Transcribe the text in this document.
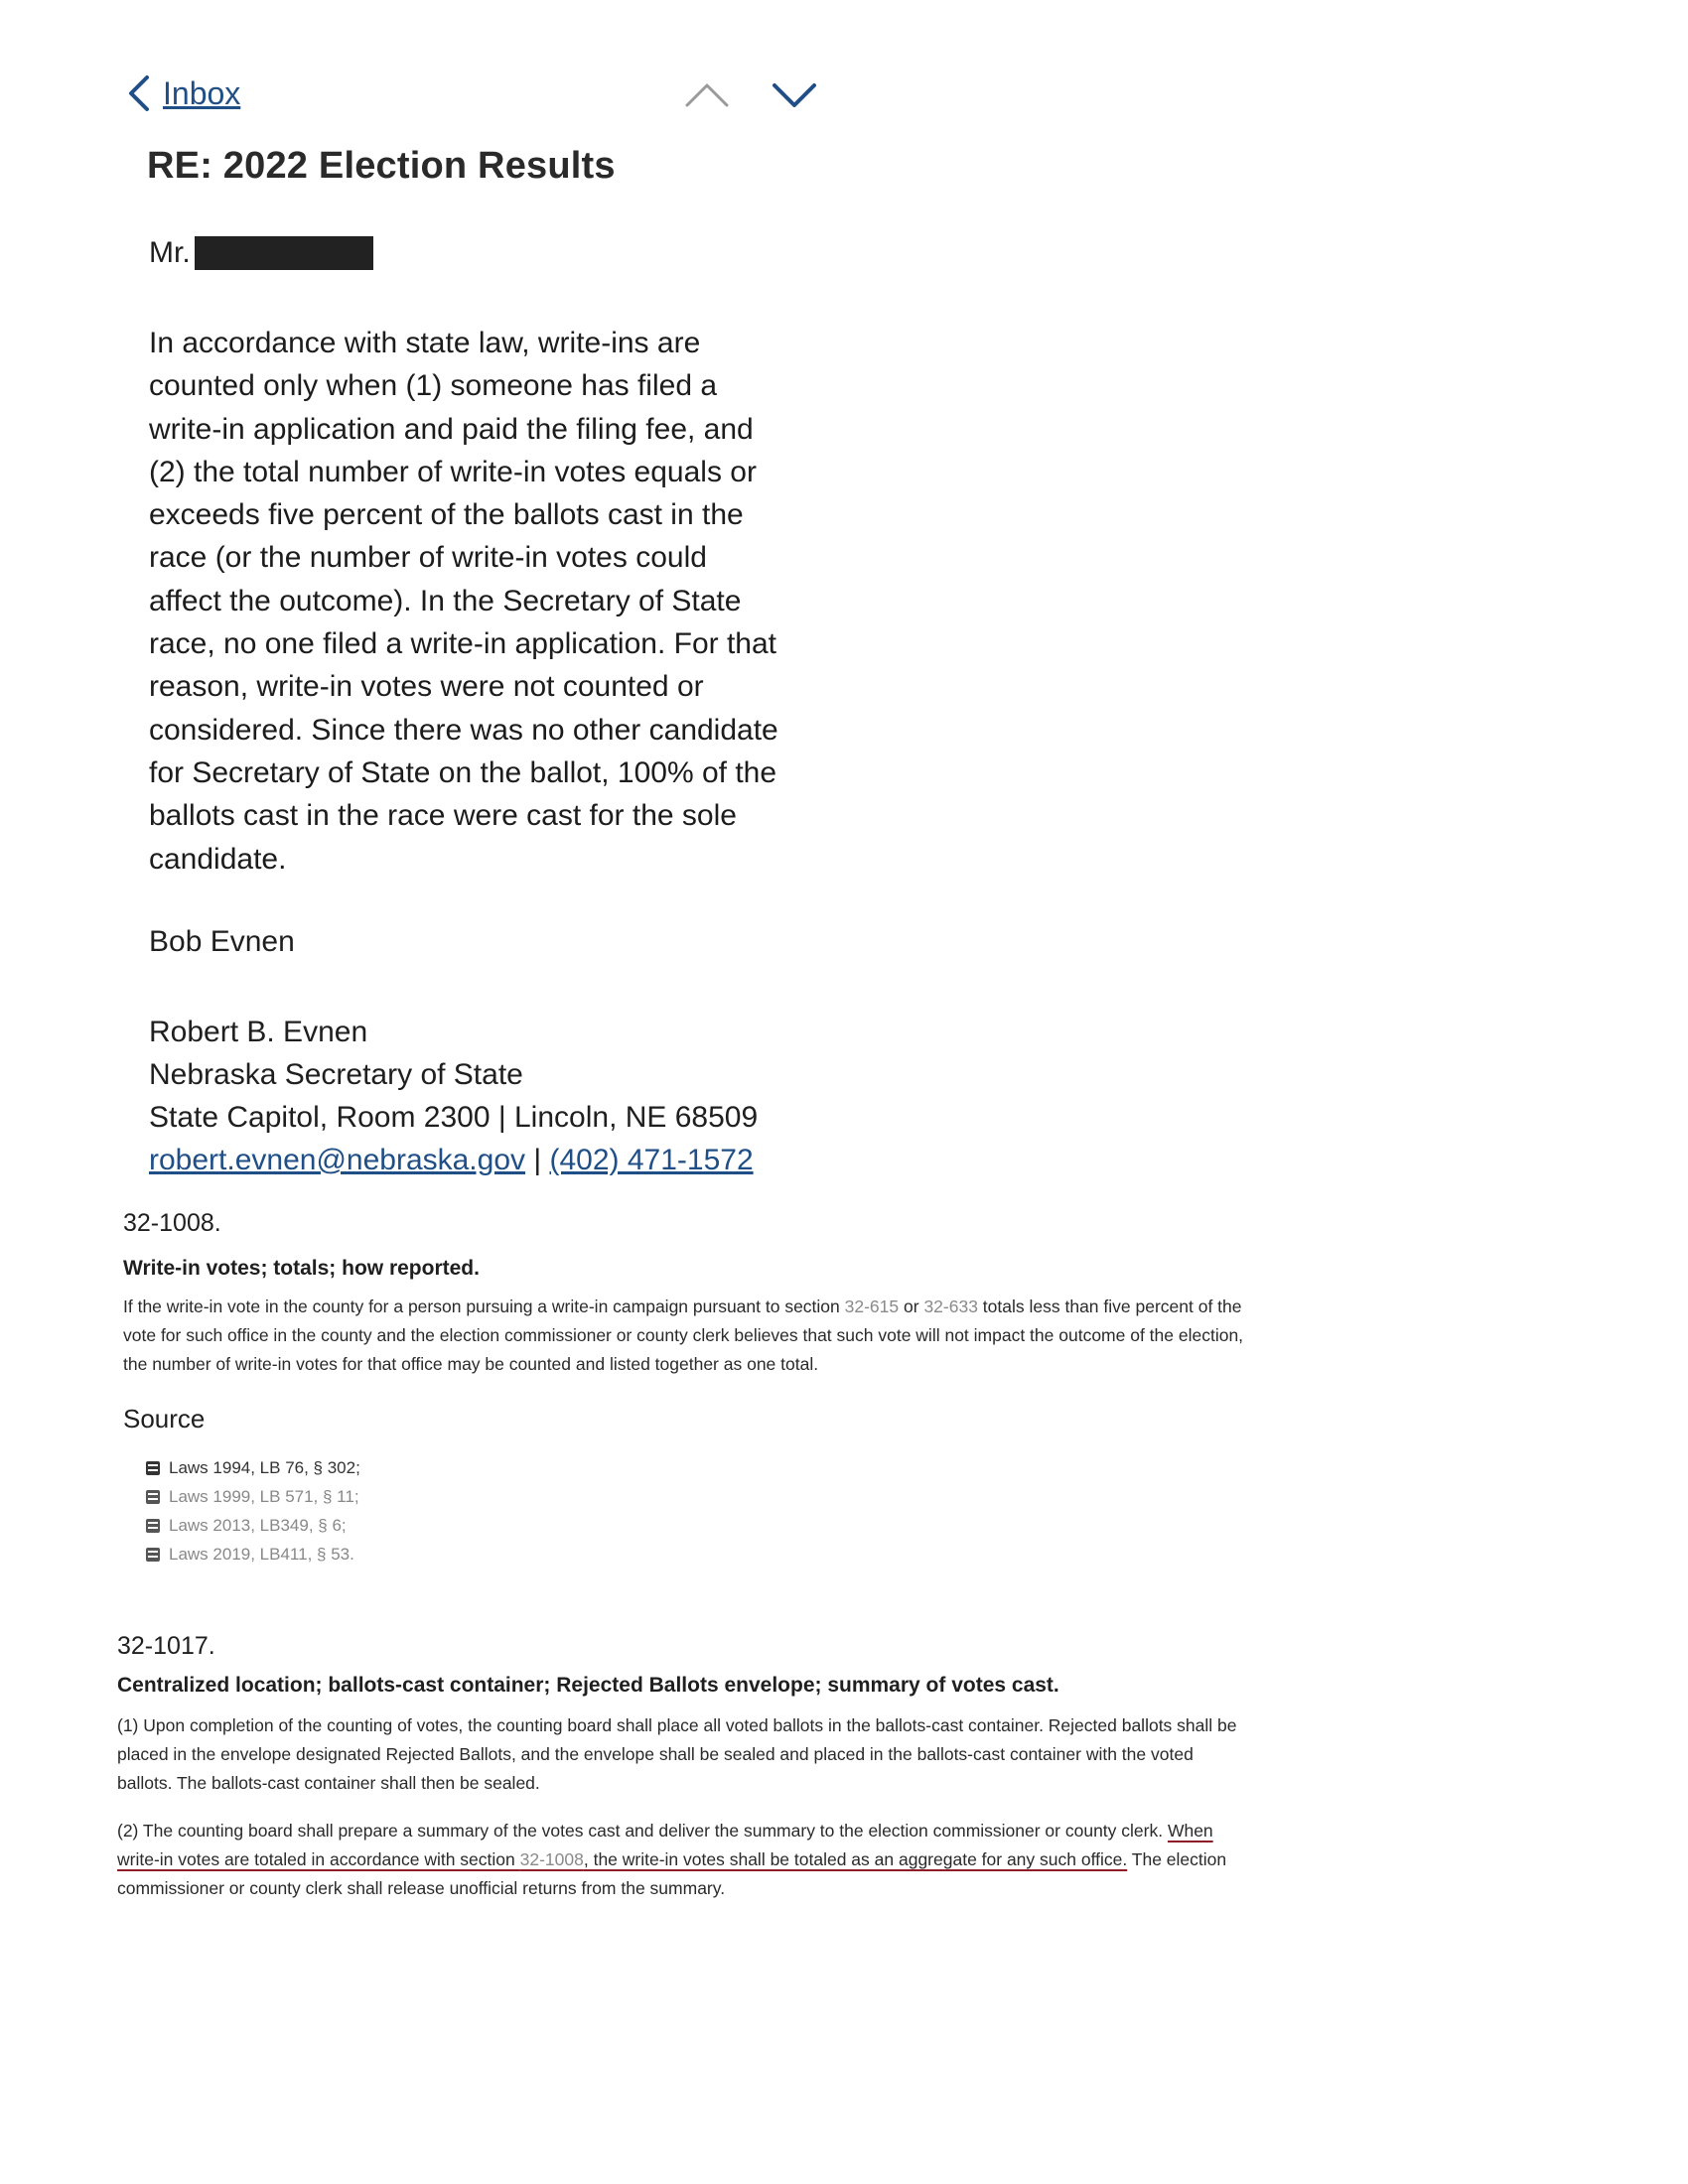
Inbox
RE: 2022 Election Results
Mr.
In accordance with state law, write-ins are
counted only when (1) someone has filed a
write-in application and paid the filing fee, and
(2) the total number of write-in votes equals or
exceeds five percent of the ballots cast in the
race (or the number of write-in votes could
affect the outcome). In the Secretary of State
race, no one filed a write-in application. For that
reason, write-in votes were not counted or
considered. Since there was no other candidate
for Secretary of State on the ballot, 100% of the
ballots cast in the race were cast for the sole
candidate.
Bob Evnen
Robert B. Evnen
Nebraska Secretary of State
State Capitol, Room 2300 | Lincoln, NE 68509
robert.evnen@nebraska.gov | (402) 471-1572
32-1008.
Write-in votes; totals; how reported.
If the write-in vote in the county for a person pursuing a write-in campaign pursuant to section 32-615 or 32-633 totals less than five percent of the vote for such office in the county and the election commissioner or county clerk believes that such vote will not impact the outcome of the election, the number of write-in votes for that office may be counted and listed together as one total.
Source
Laws 1994, LB 76, § 302;
Laws 1999, LB 571, § 11;
Laws 2013, LB349, § 6;
Laws 2019, LB411, § 53.
32-1017.
Centralized location; ballots-cast container; Rejected Ballots envelope; summary of votes cast.
(1) Upon completion of the counting of votes, the counting board shall place all voted ballots in the ballots-cast container. Rejected ballots shall be placed in the envelope designated Rejected Ballots, and the envelope shall be sealed and placed in the ballots-cast container with the voted ballots. The ballots-cast container shall then be sealed.
(2) The counting board shall prepare a summary of the votes cast and deliver the summary to the election commissioner or county clerk. When write-in votes are totaled in accordance with section 32-1008, the write-in votes shall be totaled as an aggregate for any such office. The election commissioner or county clerk shall release unofficial returns from the summary.
